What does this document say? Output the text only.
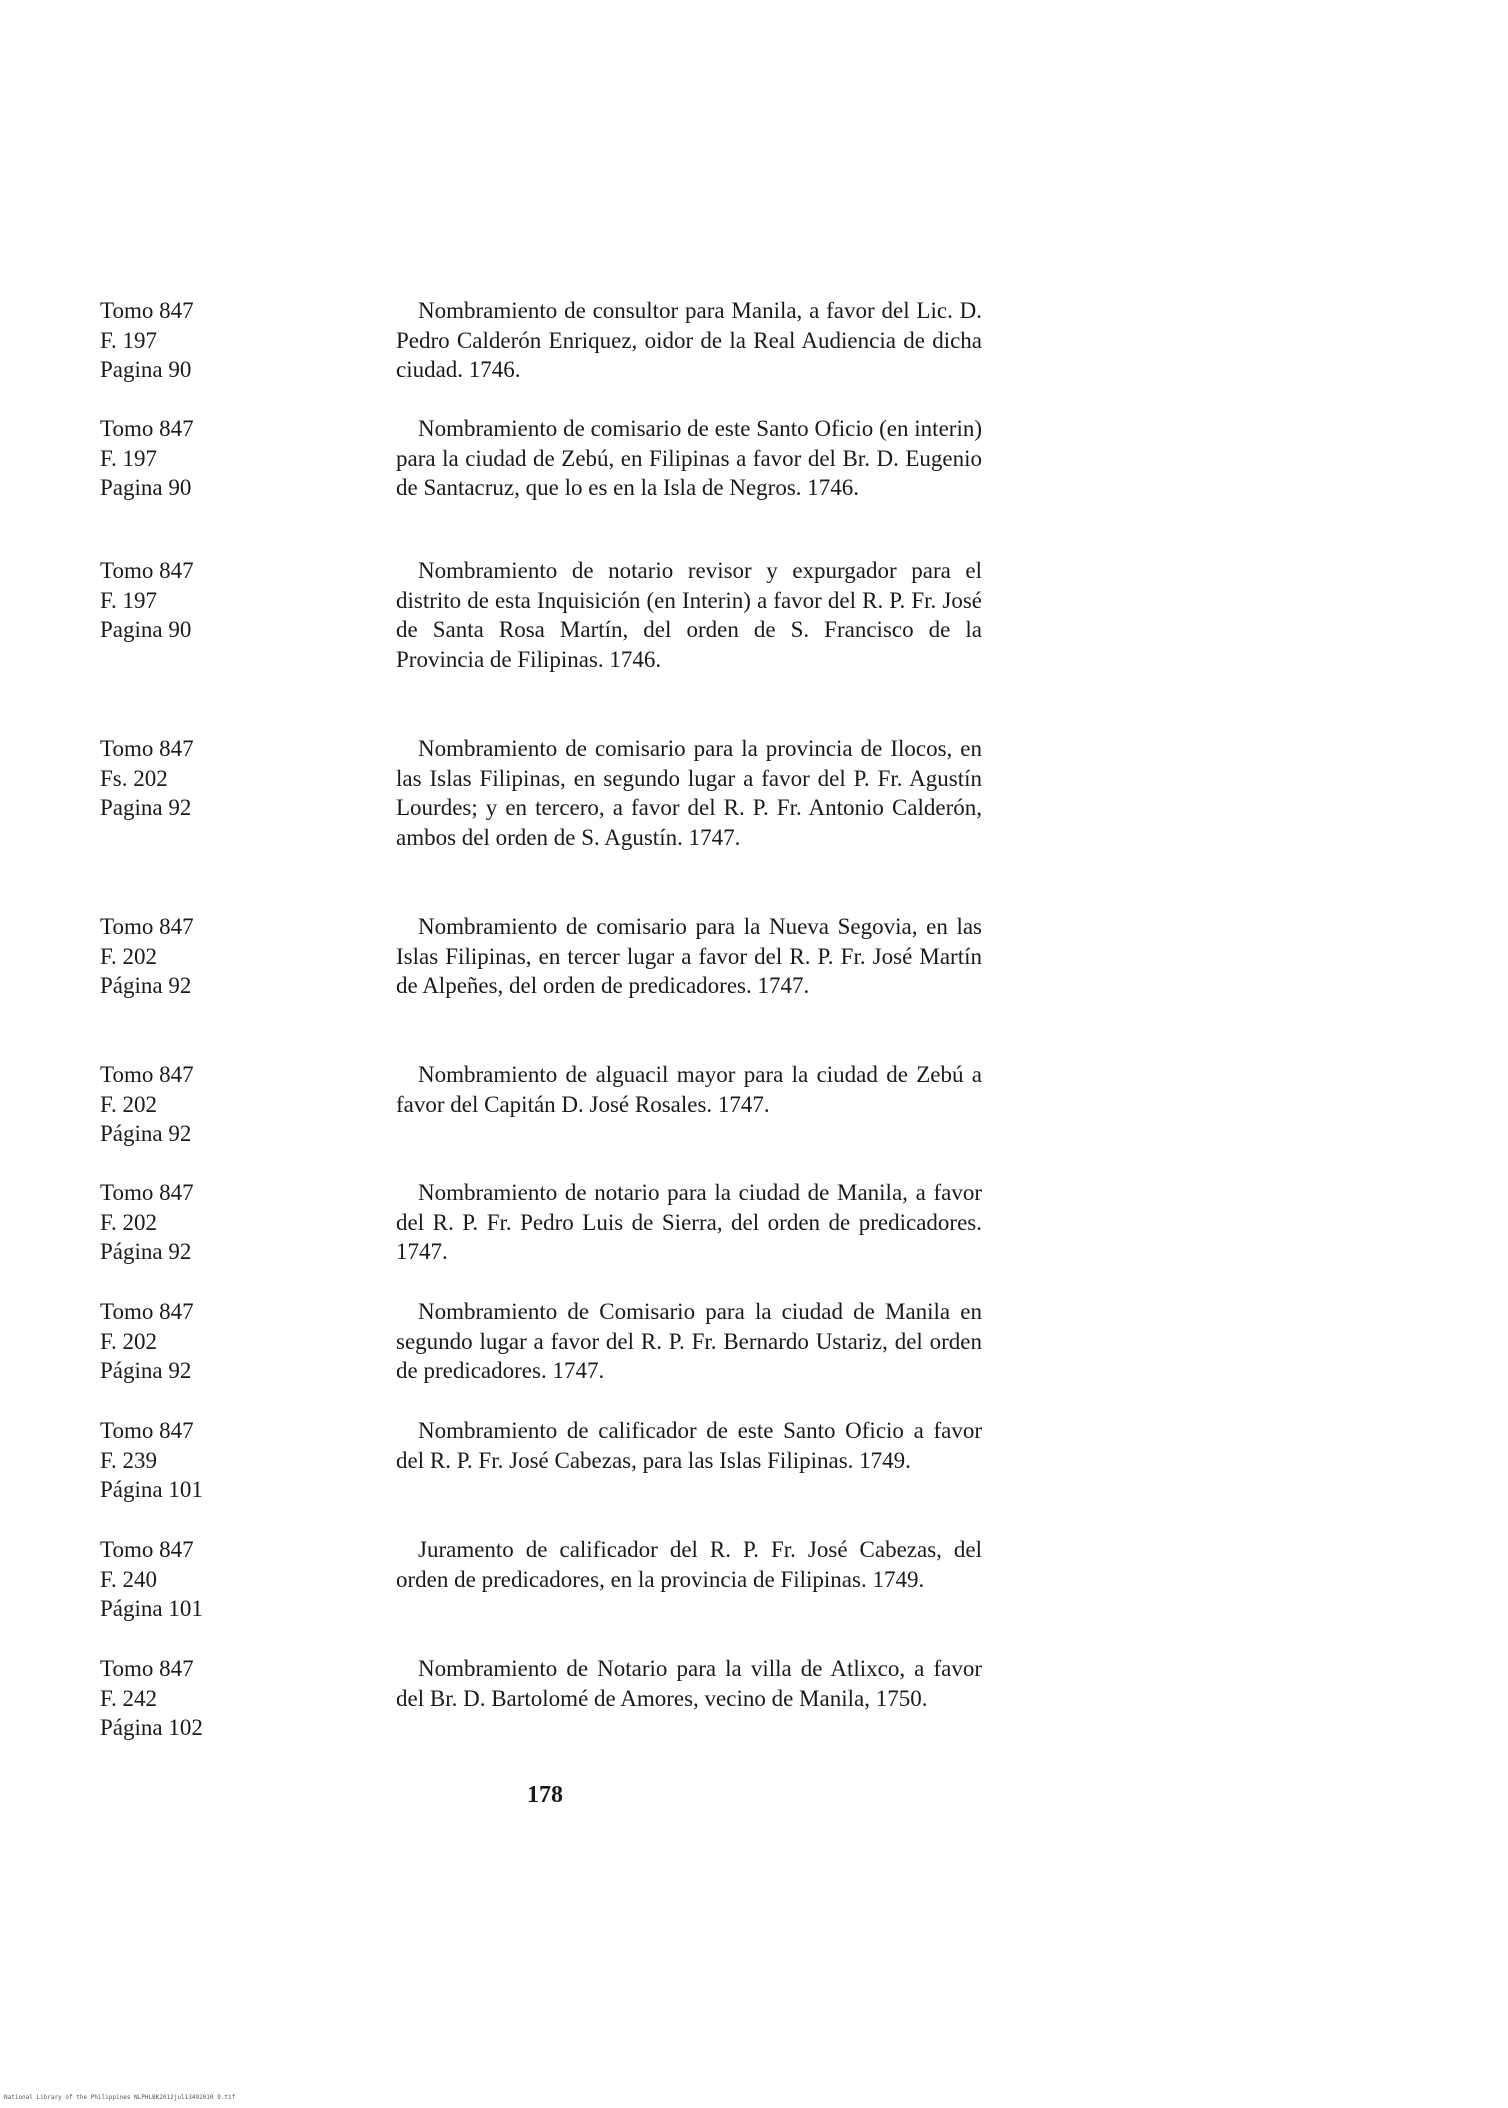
Tomo 847
F. 197
Pagina 90
Nombramiento de consultor para Manila, a favor del Lic. D. Pedro Calderón Enriquez, oidor de la Real Audiencia de dicha ciudad. 1746.
Tomo 847
F. 197
Pagina 90
Nombramiento de comisario de este Santo Oficio (en interin) para la ciudad de Zebú, en Filipinas a favor del Br. D. Eugenio de Santacruz, que lo es en la Isla de Negros. 1746.
Tomo 847
F. 197
Pagina 90
Nombramiento de notario revisor y expurgador para el distrito de esta Inquisición (en Interin) a favor del R. P. Fr. José de Santa Rosa Martín, del orden de S. Francisco de la Provincia de Filipinas. 1746.
Tomo 847
Fs. 202
Pagina 92
Nombramiento de comisario para la provincia de Ilocos, en las Islas Filipinas, en segundo lugar a favor del P. Fr. Agustín Lourdes; y en tercero, a favor del R. P. Fr. Antonio Calderón, ambos del orden de S. Agustín. 1747.
Tomo 847
F. 202
Página 92
Nombramiento de comisario para la Nueva Segovia, en las Islas Filipinas, en tercer lugar a favor del R. P. Fr. José Martín de Alpeñes, del orden de predicadores. 1747.
Tomo 847
F. 202
Página 92
Nombramiento de alguacil mayor para la ciudad de Zebú a favor del Capitán D. José Rosales. 1747.
Tomo 847
F. 202
Página 92
Nombramiento de notario para la ciudad de Manila, a favor del R. P. Fr. Pedro Luis de Sierra, del orden de predicadores. 1747.
Tomo 847
F. 202
Página 92
Nombramiento de Comisario para la ciudad de Manila en segundo lugar a favor del R. P. Fr. Bernardo Ustariz, del orden de predicadores. 1747.
Tomo 847
F. 239
Página 101
Nombramiento de calificador de este Santo Oficio a favor del R. P. Fr. José Cabezas, para las Islas Filipinas. 1749.
Tomo 847
F. 240
Página 101
Juramento de calificador del R. P. Fr. José Cabezas, del orden de predicadores, en la provincia de Filipinas. 1749.
Tomo 847
F. 242
Página 102
Nombramiento de Notario para la villa de Atlixco, a favor del Br. D. Bartolomé de Amores, vecino de Manila, 1750.
178
National Library of the Philippines NLPHLBK2012jul13492010 9.tif
